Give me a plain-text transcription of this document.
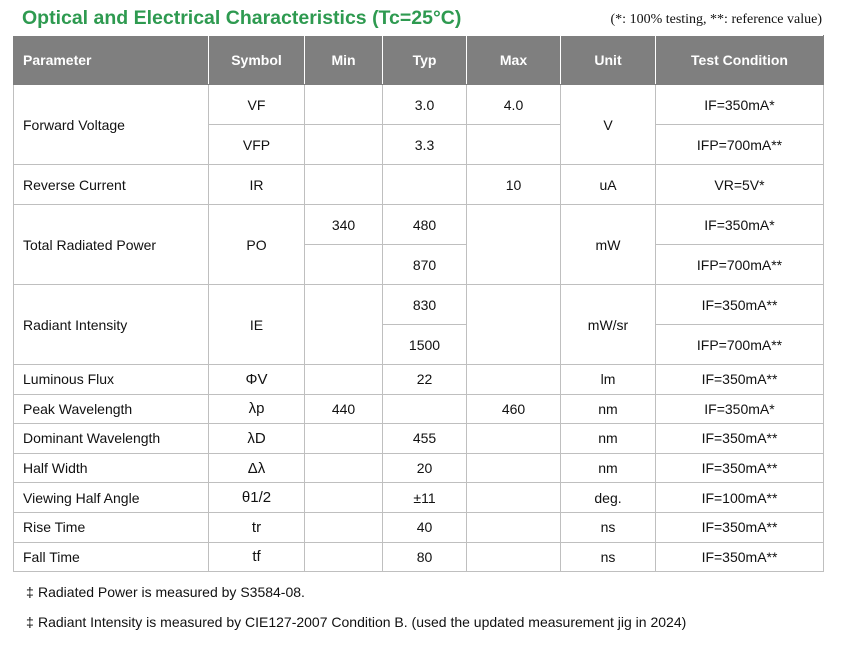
Optical and Electrical Characteristics (Tc=25°C)	(*: 100% testing, **: reference value)
Parameter	Symbol	Min	Typ	Max	Unit	Test Condition
Forward Voltage	VF		3.0	4.0	V	IF=350mA*
	VFP		3.3			IFP=700mA**
Reverse Current	IR			10	uA	VR=5V*
Total Radiated Power	PO	340	480		mW	IF=350mA*
			870			IFP=700mA**
Radiant Intensity	IE		830		mW/sr	IF=350mA**
			1500			IFP=700mA**
Luminous Flux	ΦV		22		lm	IF=350mA**
Peak Wavelength	λp	440		460	nm	IF=350mA*
Dominant Wavelength	λD		455		nm	IF=350mA**
Half Width	Δλ		20		nm	IF=350mA**
Viewing Half Angle	θ1/2		±11		deg.	IF=100mA**
Rise Time	tr		40		ns	IF=350mA**
Fall Time	tf		80		ns	IF=350mA**
‡ Radiated Power is measured by S3584-08.
‡ Radiant Intensity is measured by CIE127-2007 Condition B. (used the updated measurement jig in 2024)
